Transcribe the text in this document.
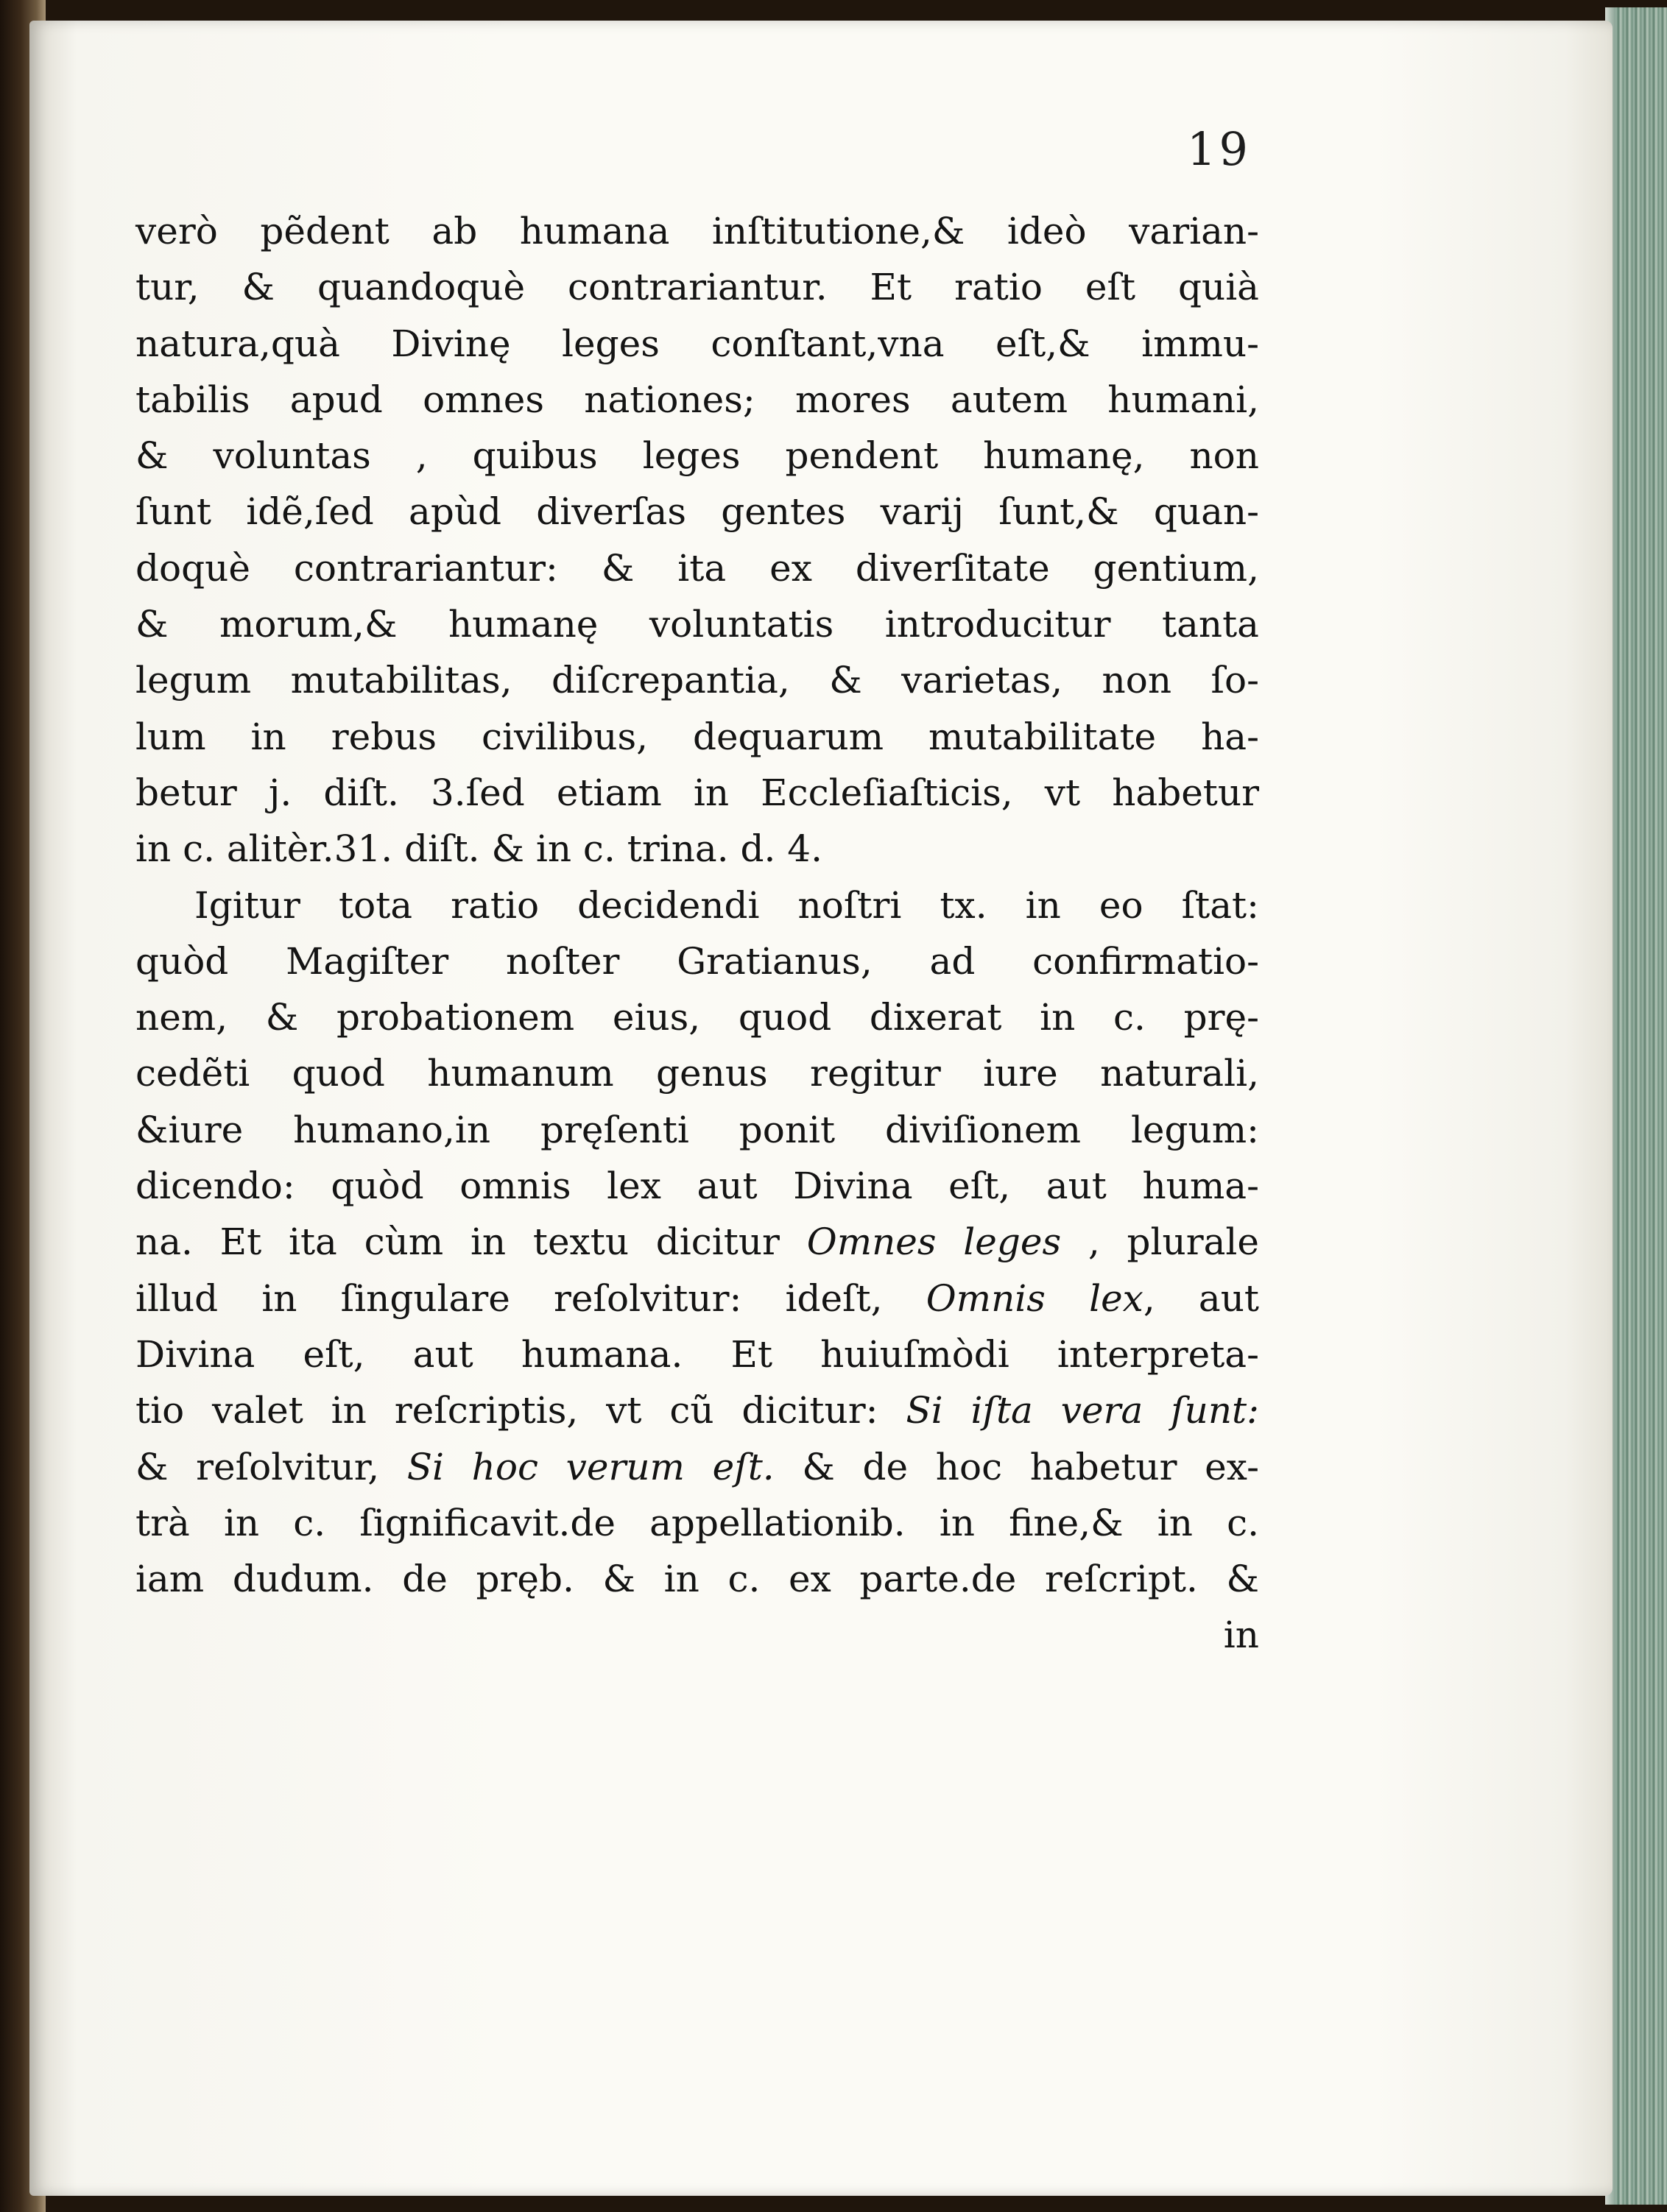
19
verò pẽdent ab humana inſtitutione,& ideò varian-
tur, & quandoquè contrariantur. Et ratio eſt quià
natura,quà Divinę leges conſtant,vna eſt,& immu-
tabilis apud omnes nationes; mores autem humani,
& voluntas , quibus leges pendent humanę, non
ſunt idẽ,ſed apùd diverſas gentes varij ſunt,& quan-
doquè contrariantur: & ita ex diverſitate gentium,
& morum,& humanę voluntatis introducitur tanta
legum mutabilitas, diſcrepantia, & varietas, non ſo-
lum in rebus civilibus, dequarum mutabilitate ha-
betur j. diſt. 3.ſed etiam in Eccleſiaſticis, vt habetur
in c. alitèr.31. diſt. & in c. trina. d. 4.
Igitur tota ratio decidendi noſtri tx. in eo ſtat:
quòd Magiſter noſter Gratianus, ad confirmatio-
nem, & probationem eius, quod dixerat in c. prę-
cedẽti quod humanum genus regitur iure naturali,
&iure humano,in pręſenti ponit diviſionem legum:
dicendo: quòd omnis lex aut Divina eſt, aut huma-
na. Et ita cùm in textu dicitur Omnes leges , plurale
illud in ſingulare reſolvitur: ideſt, Omnis lex, aut
Divina eſt, aut humana. Et huiuſmòdi interpreta-
tio valet in reſcriptis, vt cũ dicitur: Si iſta vera ſunt:
& reſolvitur, Si hoc verum eſt. & de hoc habetur ex-
trà in c. ſignificavit.de appellationib. in fine,& in c.
iam dudum. de pręb. & in c. ex parte.de reſcript. &
in
